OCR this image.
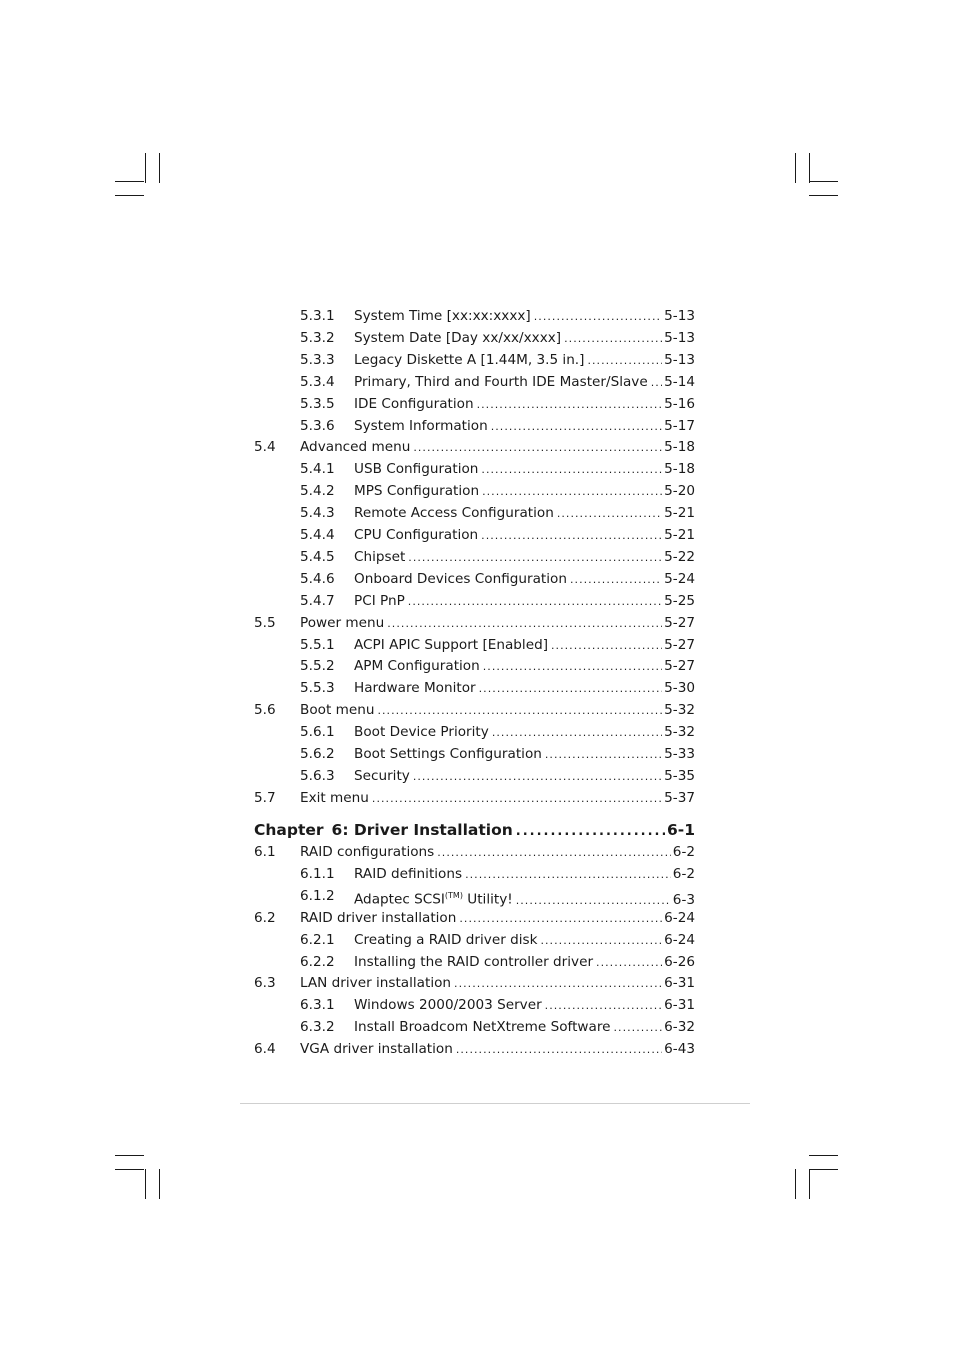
5.3.1 System Time [xx:xx:xxxx] .....	5-13
5.3.2 System Date [Day xx/xx/xxxx] .....	5-13
5.3.3 Legacy Diskette A [1.44M, 3.5 in.] .....	5-13
5.3.4 Primary, Third and Fourth IDE Master/Slave ..... 5-14
5.3.5 IDE Configuration .....	5-16
5.3.6 System Information .....	5-17
5.4 Advanced menu .....	5-18
5.4.1 USB Configuration .....	5-18
5.4.2 MPS Configuration .....	5-20
5.4.3 Remote Access Configuration .....	5-21
5.4.4 CPU Configuration .....	5-21
5.4.5 Chipset .....	5-22
5.4.6 Onboard Devices Configuration .....	5-24
5.4.7 PCI PnP .....	5-25
5.5 Power menu .....	5-27
5.5.1 ACPI APIC Support [Enabled] .....	5-27
5.5.2 APM Configuration .....	5-27
5.5.3 Hardware Monitor .....	5-30
5.6 Boot menu .....	5-32
5.6.1 Boot Device Priority .....	5-32
5.6.2 Boot Settings Configuration .....	5-33
5.6.3 Security .....	5-35
5.7 Exit menu .....	5-37
Chapter 6: Driver Installation .....	6-1
6.1 RAID configurations .....	6-2
6.1.1 RAID definitions .....	6-2
6.1.2 Adaptec $SCSI^{(TM)}$ Utility! .....	6-3
6.2 RAID driver installation .....	6-24
6.2.1 Creating a RAID driver disk .....	6-24
6.2.2 Installing the RAID controller driver .....	6-26
6.3 LAN driver installation .....	6-31
6.3.1 Windows 2000/2003 Server .....	6-31
6.3.2 Install Broadcom NetXtreme Software .....	6-32
6.4 VGA driver installation .....	6-43
